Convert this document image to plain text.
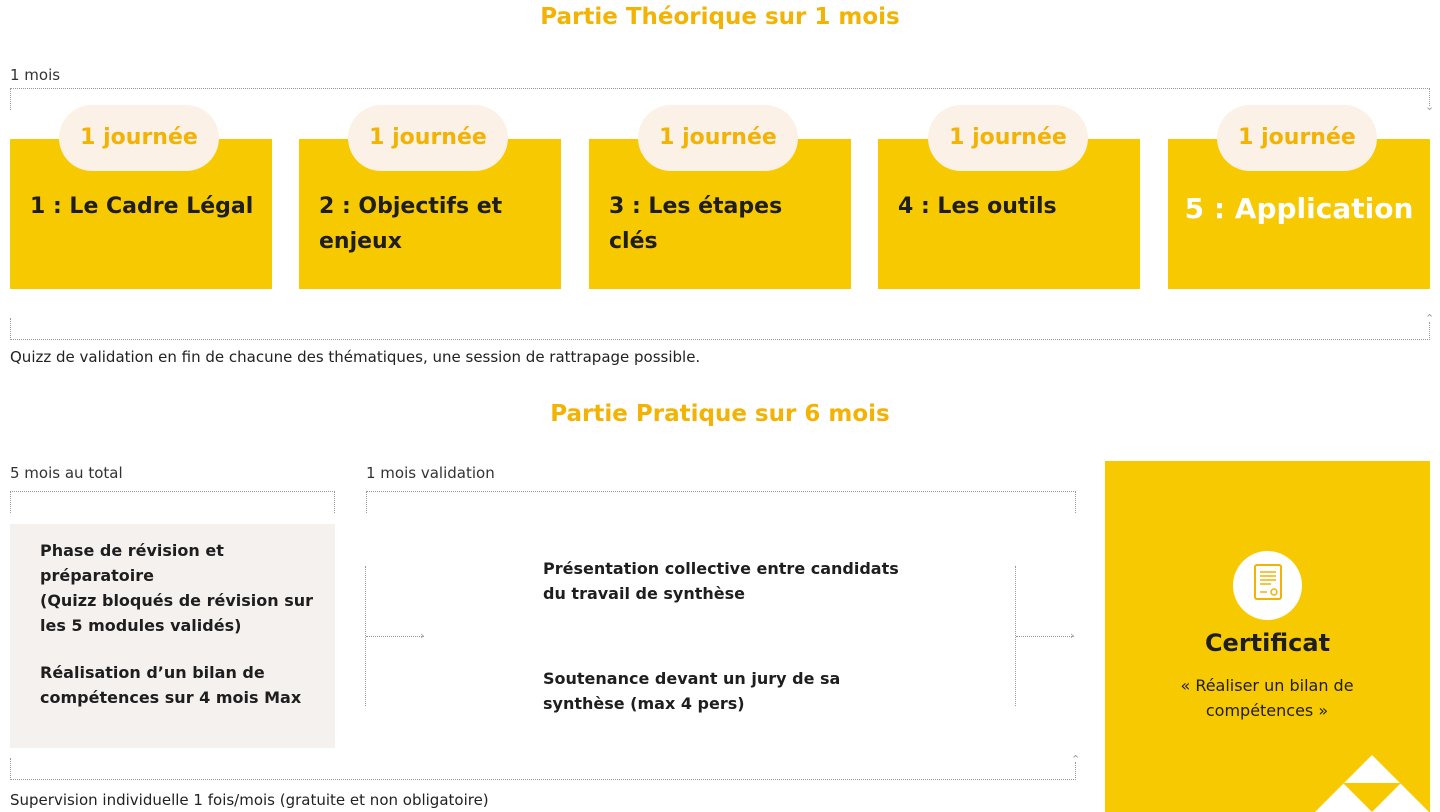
Partie Théorique sur 1 mois
1 mois
⌄
1 : Le Cadre Légal
1 journée
2 : Objectifs et enjeux
1 journée
3 : Les étapes clés
1 journée
4 : Les outils
1 journée
5 : Application
1 journée
⌃
Quizz de validation en fin de chacune des thématiques, une session de rattrapage possible.
Partie Pratique sur 6 mois
5 mois au total	1 mois validation
Phase de révision et préparatoire
(Quizz bloqués de révision sur les 5 modules validés)
Réalisation d’un bilan de compétences sur 4 mois Max
›
Présentation collective entre candidats du travail de synthèse
Soutenance devant un jury de sa synthèse (max 4 pers)
›
⌃
Supervision individuelle 1 fois/mois (gratuite et non obligatoire)
Certificat
« Réaliser un bilan de compétences »
